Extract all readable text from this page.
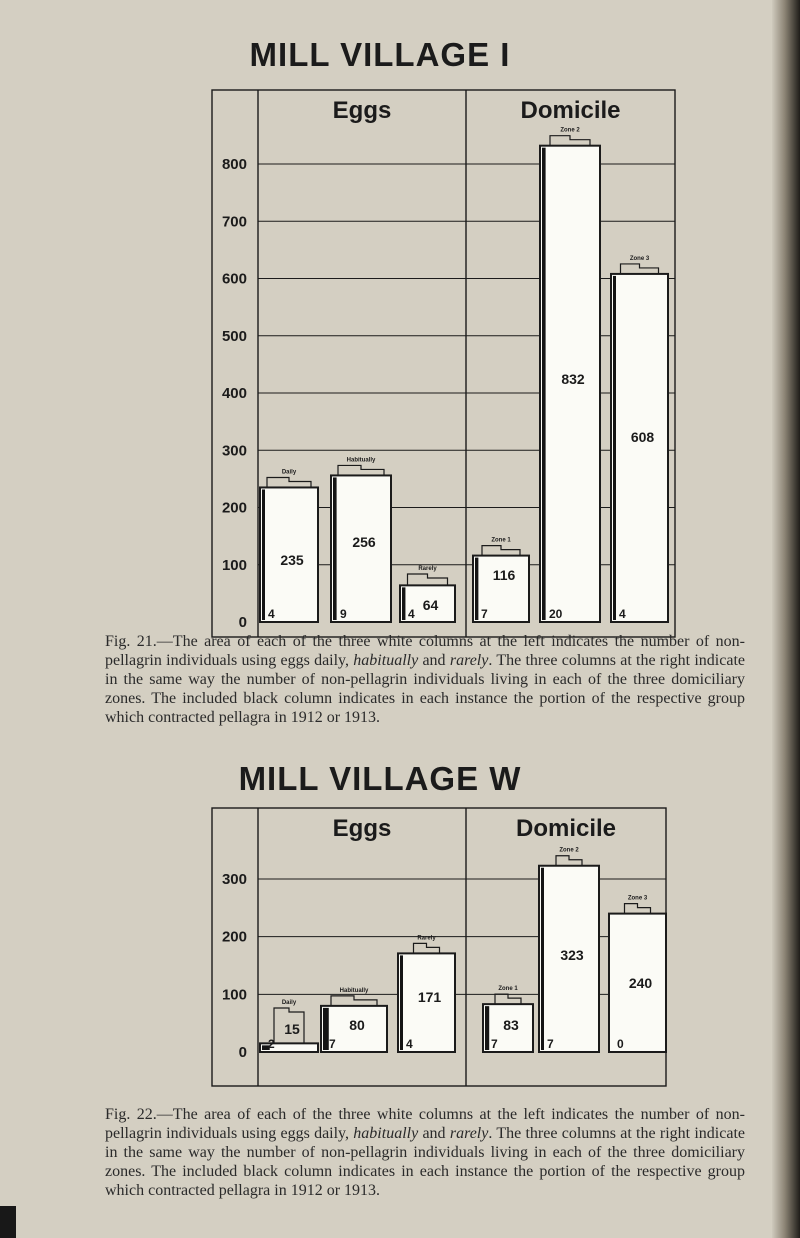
MILL VILLAGE I
800
700
600
500
400
300
200
100
0
Eggs	Domicile
Daily
235
4
Habitually
256
9
Rarely
64
4
Zone 1
116
7
Zone 2
832
20
Zone 3
608
4

Fig. 21.—The area of each of the three white columns at the left indicates the number of non-pellagrin individuals using eggs daily, habitually and rarely. The three columns at the right indicate in the same way the number of non-pellagrin individuals living in each of the three domiciliary zones. The included black column indicates in each instance the portion of the respective group which contracted pellagra in 1912 or 1913.

MILL VILLAGE W
300
200
100
0
Eggs	Domicile
Daily
15
2
Habitually
80
7
Rarely
171
4
Zone 1
83
7
Zone 2
323
7
Zone 3
240
0

Fig. 22.—The area of each of the three white columns at the left indicates the number of non-pellagrin individuals using eggs daily, habitually and rarely. The three columns at the right indicate in the same way the number of non-pellagrin individuals living in each of the three domiciliary zones. The included black column indicates in each instance the portion of the respective group which contracted pellagra in 1912 or 1913.
